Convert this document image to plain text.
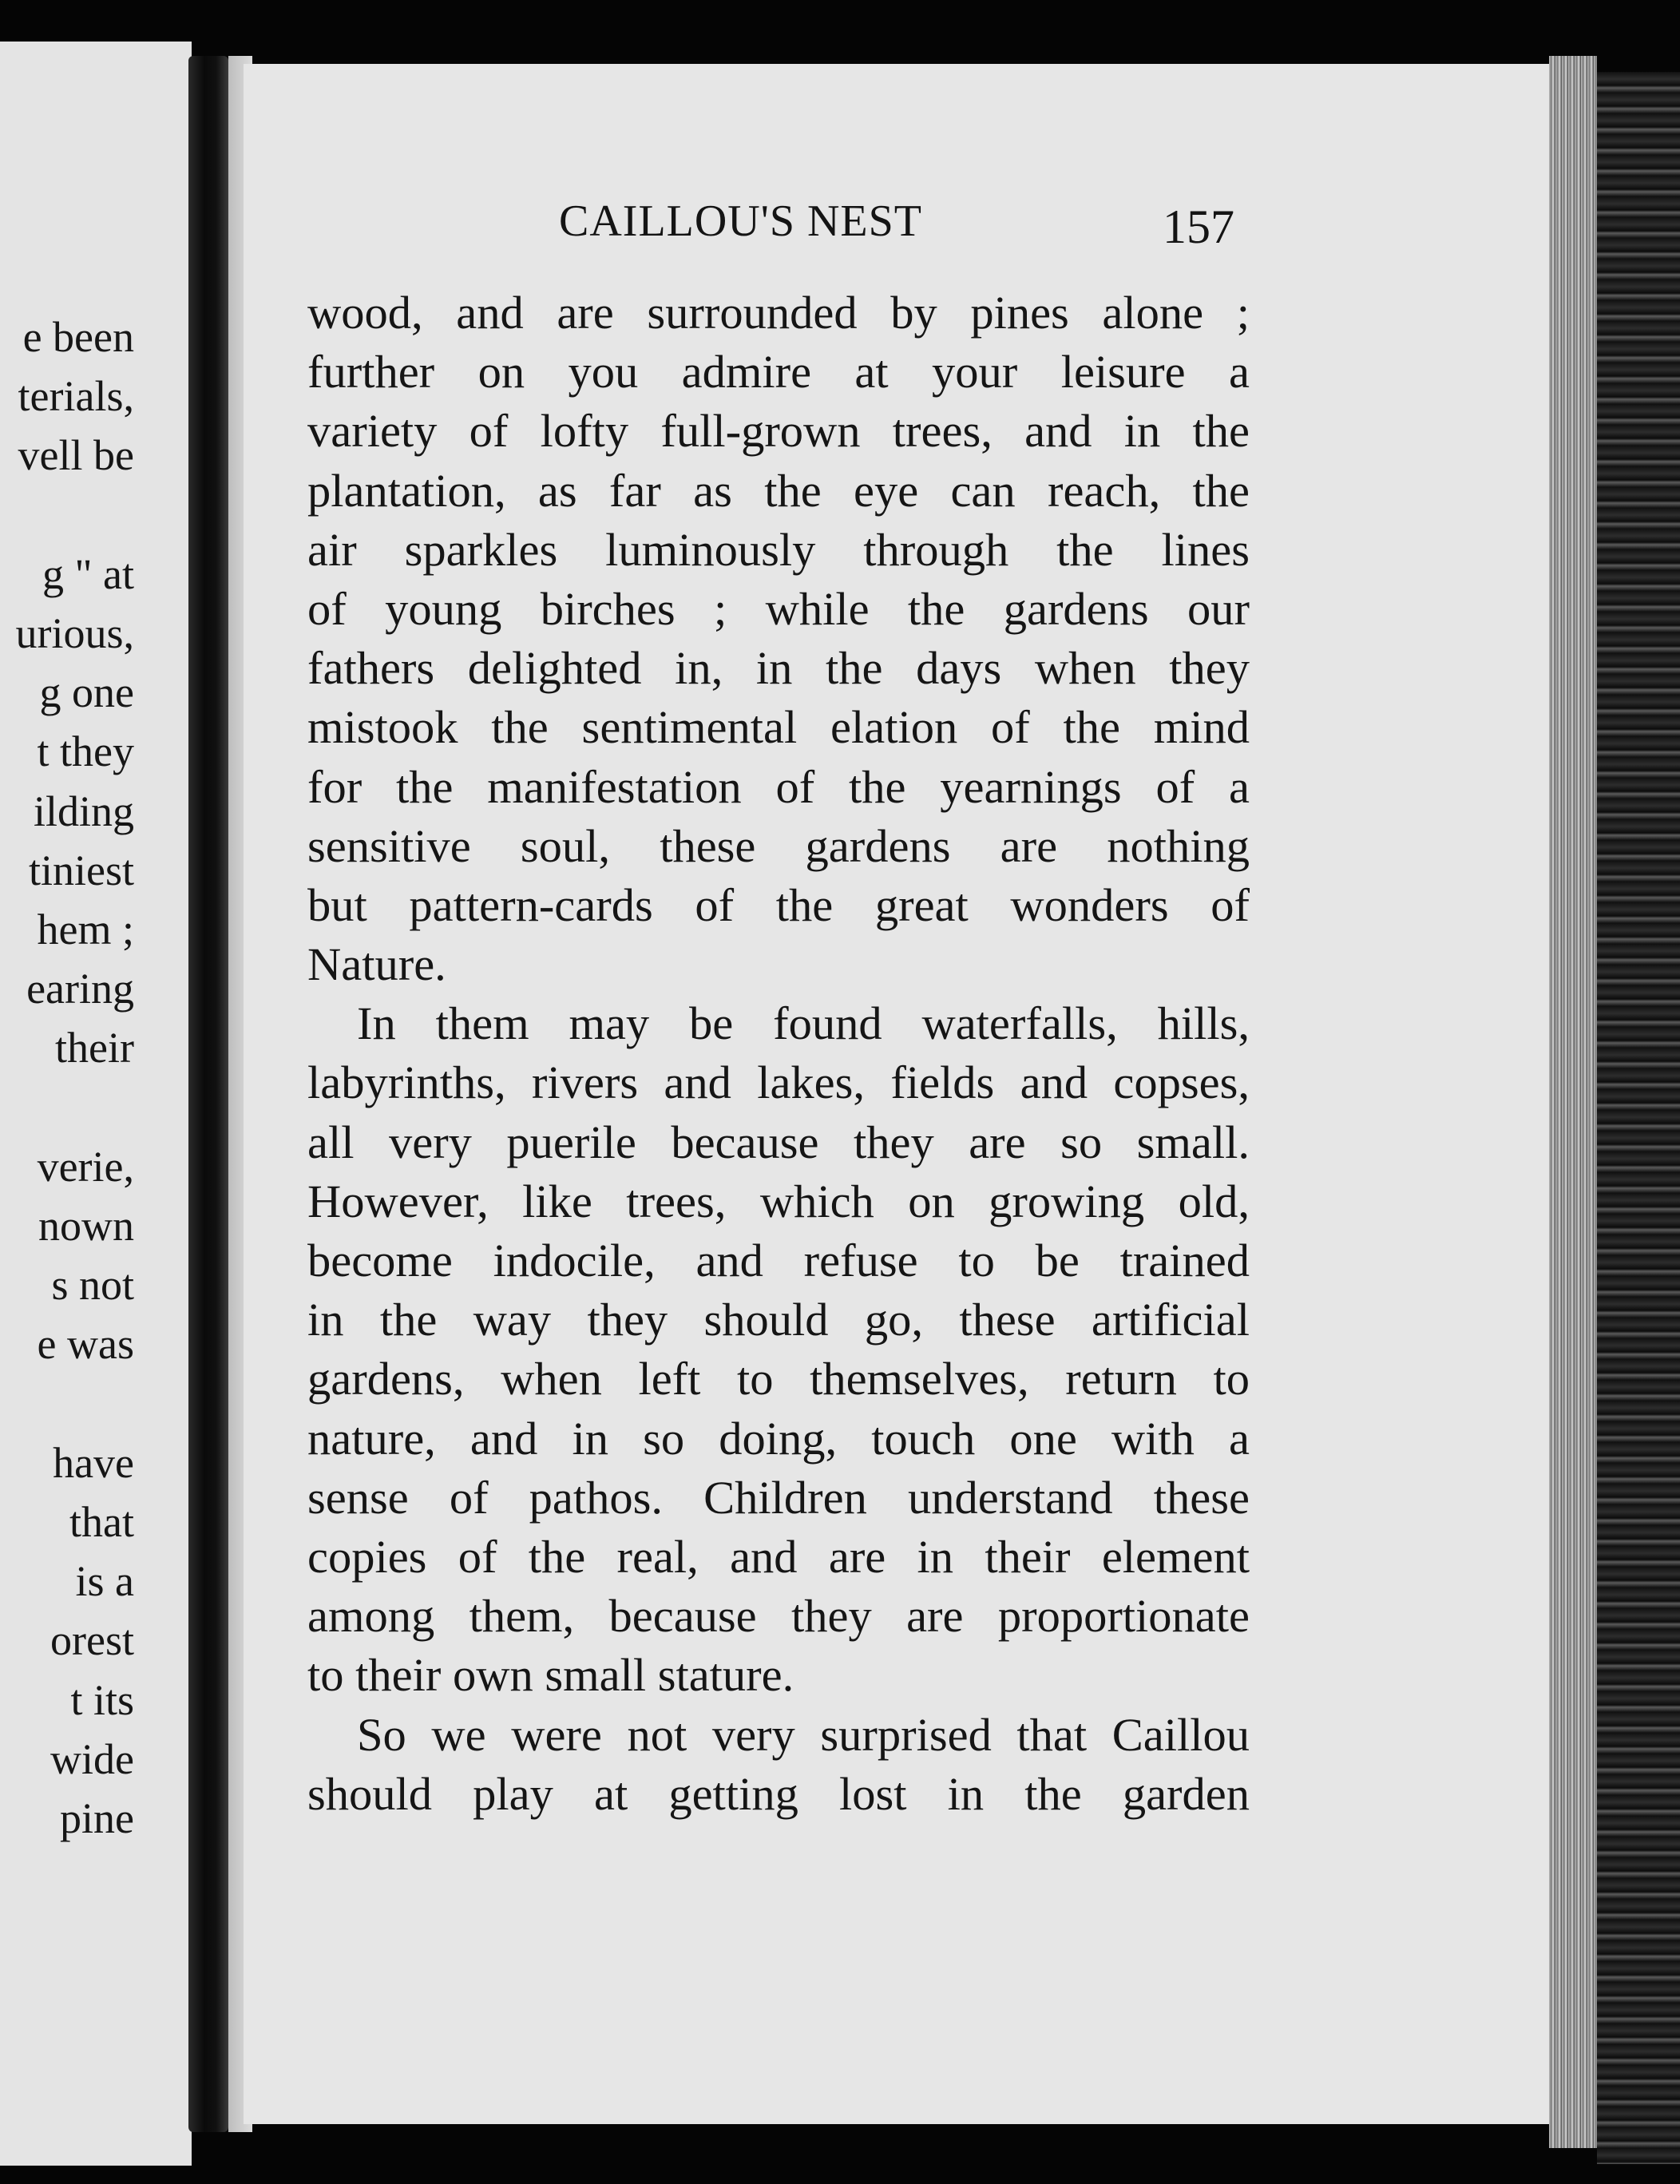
e been
terials,
vell be
g " at
urious,
g one
t they
ilding
tiniest
hem ;
earing
their
verie,
nown
s not
e was
have
that
is a
orest
t its
wide
pine
CAILLOU'S NEST	157
wood, and are surrounded by pines alone ;
further on you admire at your leisure a
variety of lofty full-grown trees, and in the
plantation, as far as the eye can reach, the
air sparkles luminously through the lines
of young birches ; while the gardens our
fathers delighted in, in the days when they
mistook the sentimental elation of the mind
for the manifestation of the yearnings of a
sensitive soul, these gardens are nothing
but pattern-cards of the great wonders of
Nature.
In them may be found waterfalls, hills,
labyrinths, rivers and lakes, fields and copses,
all very puerile because they are so small.
However, like trees, which on growing old,
become indocile, and refuse to be trained
in the way they should go, these artificial
gardens, when left to themselves, return to
nature, and in so doing, touch one with a
sense of pathos. Children understand these
copies of the real, and are in their element
among them, because they are proportionate
to their own small stature.
So we were not very surprised that Caillou
should play at getting lost in the garden
